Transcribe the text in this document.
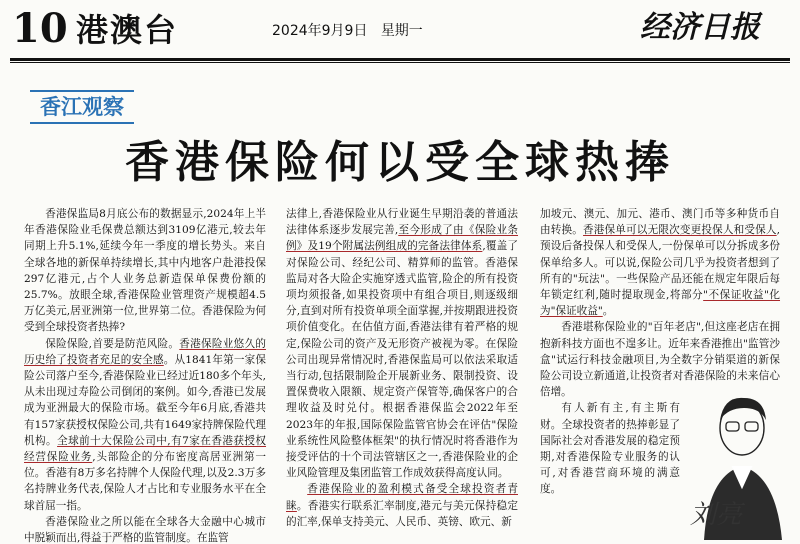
10 港澳台	2024年9月9日 星期一	经济日报
香江观察
香港保险何以受全球热捧

香港保监局8月底公布的数据显示,2024年上半年香港保险业毛保费总额达到3109亿港元,较去年同期上升5.1%,延续今年一季度的增长势头。来自全球各地的新保单持续增长,其中内地客户赴港投保297亿港元,占个人业务总新造保单保费份额的25.7%。放眼全球,香港保险业管理资产规模超4.5万亿美元,居亚洲第一位,世界第二位。香港保险为何受到全球投资者热捧?

保险保险,首要是防范风险。香港保险业悠久的历史给了投资者充足的安全感。从1841年第一家保险公司落户至今,香港保险业已经过近180多个年头,从未出现过寿险公司倒闭的案例。如今,香港已发展成为亚洲最大的保险市场。截至今年6月底,香港共有157家获授权保险公司,共有1649家持牌保险代理机构。全球前十大保险公司中,有7家在香港获授权经营保险业务,头部险企的分布密度高居亚洲第一位。香港有8万多名持牌个人保险代理,以及2.3万多名持牌业务代表,保险人才占比和专业服务水平在全球首屈一指。

香港保险业之所以能在全球各大金融中心城市中脱颖而出,得益于严格的监管制度。在监管

法律上,香港保险业从行业诞生早期沿袭的普通法法律体系逐步发展完善,至今形成了由《保险业条例》及19个附属法例组成的完备法律体系,覆盖了对保险公司、经纪公司、精算师的监管。香港保监局对各大险企实施穿透式监管,险企的所有投资项均须报备,如果投资项中有组合项目,则逐级细分,直到对所有投资单项全面掌握,并按期跟进投资项价值变化。在估值方面,香港法律有着严格的规定,保险公司的资产及无形资产被视为零。在保险公司出现异常情况时,香港保监局可以依法采取适当行动,包括限制险企开展新业务、限制投资、设置保费收入限额、规定资产保管等,确保客户的合理收益及时兑付。根据香港保监会2022年至2023年的年报,国际保险监管官协会在评估"保险业系统性风险整体框架"的执行情况时将香港作为接受评估的十个司法管辖区之一,香港保险业的企业风险管理及集团监管工作成效获得高度认同。

香港保险业的盈利模式备受全球投资者青睐。香港实行联系汇率制度,港元与美元保持稳定的汇率,保单支持美元、人民币、英镑、欧元、新

加坡元、澳元、加元、港币、澳门币等多种货币自由转换。香港保单可以无限次变更投保人和受保人,预设后备投保人和受保人,一份保单可以分拆成多份保单给多人。可以说,保险公司几乎为投资者想到了所有的"玩法"。一些保险产品还能在规定年限后每年锁定红利,随时提取现金,将部分"不保证收益"化为"保证收益"。

香港堪称保险业的"百年老店",但这座老店在拥抱新科技方面也不遑多让。近年来香港推出"监管沙盒"试运行科技金融项目,为全数字分销渠道的新保险公司设立新通道,让投资者对香港保险的未来信心倍增。

有人新有主,有主斯有财。全球投资者的热捧彰显了国际社会对香港发展的稳定预期,对香港保险专业服务的认可,对香港营商环境的满意度。

刘亮
